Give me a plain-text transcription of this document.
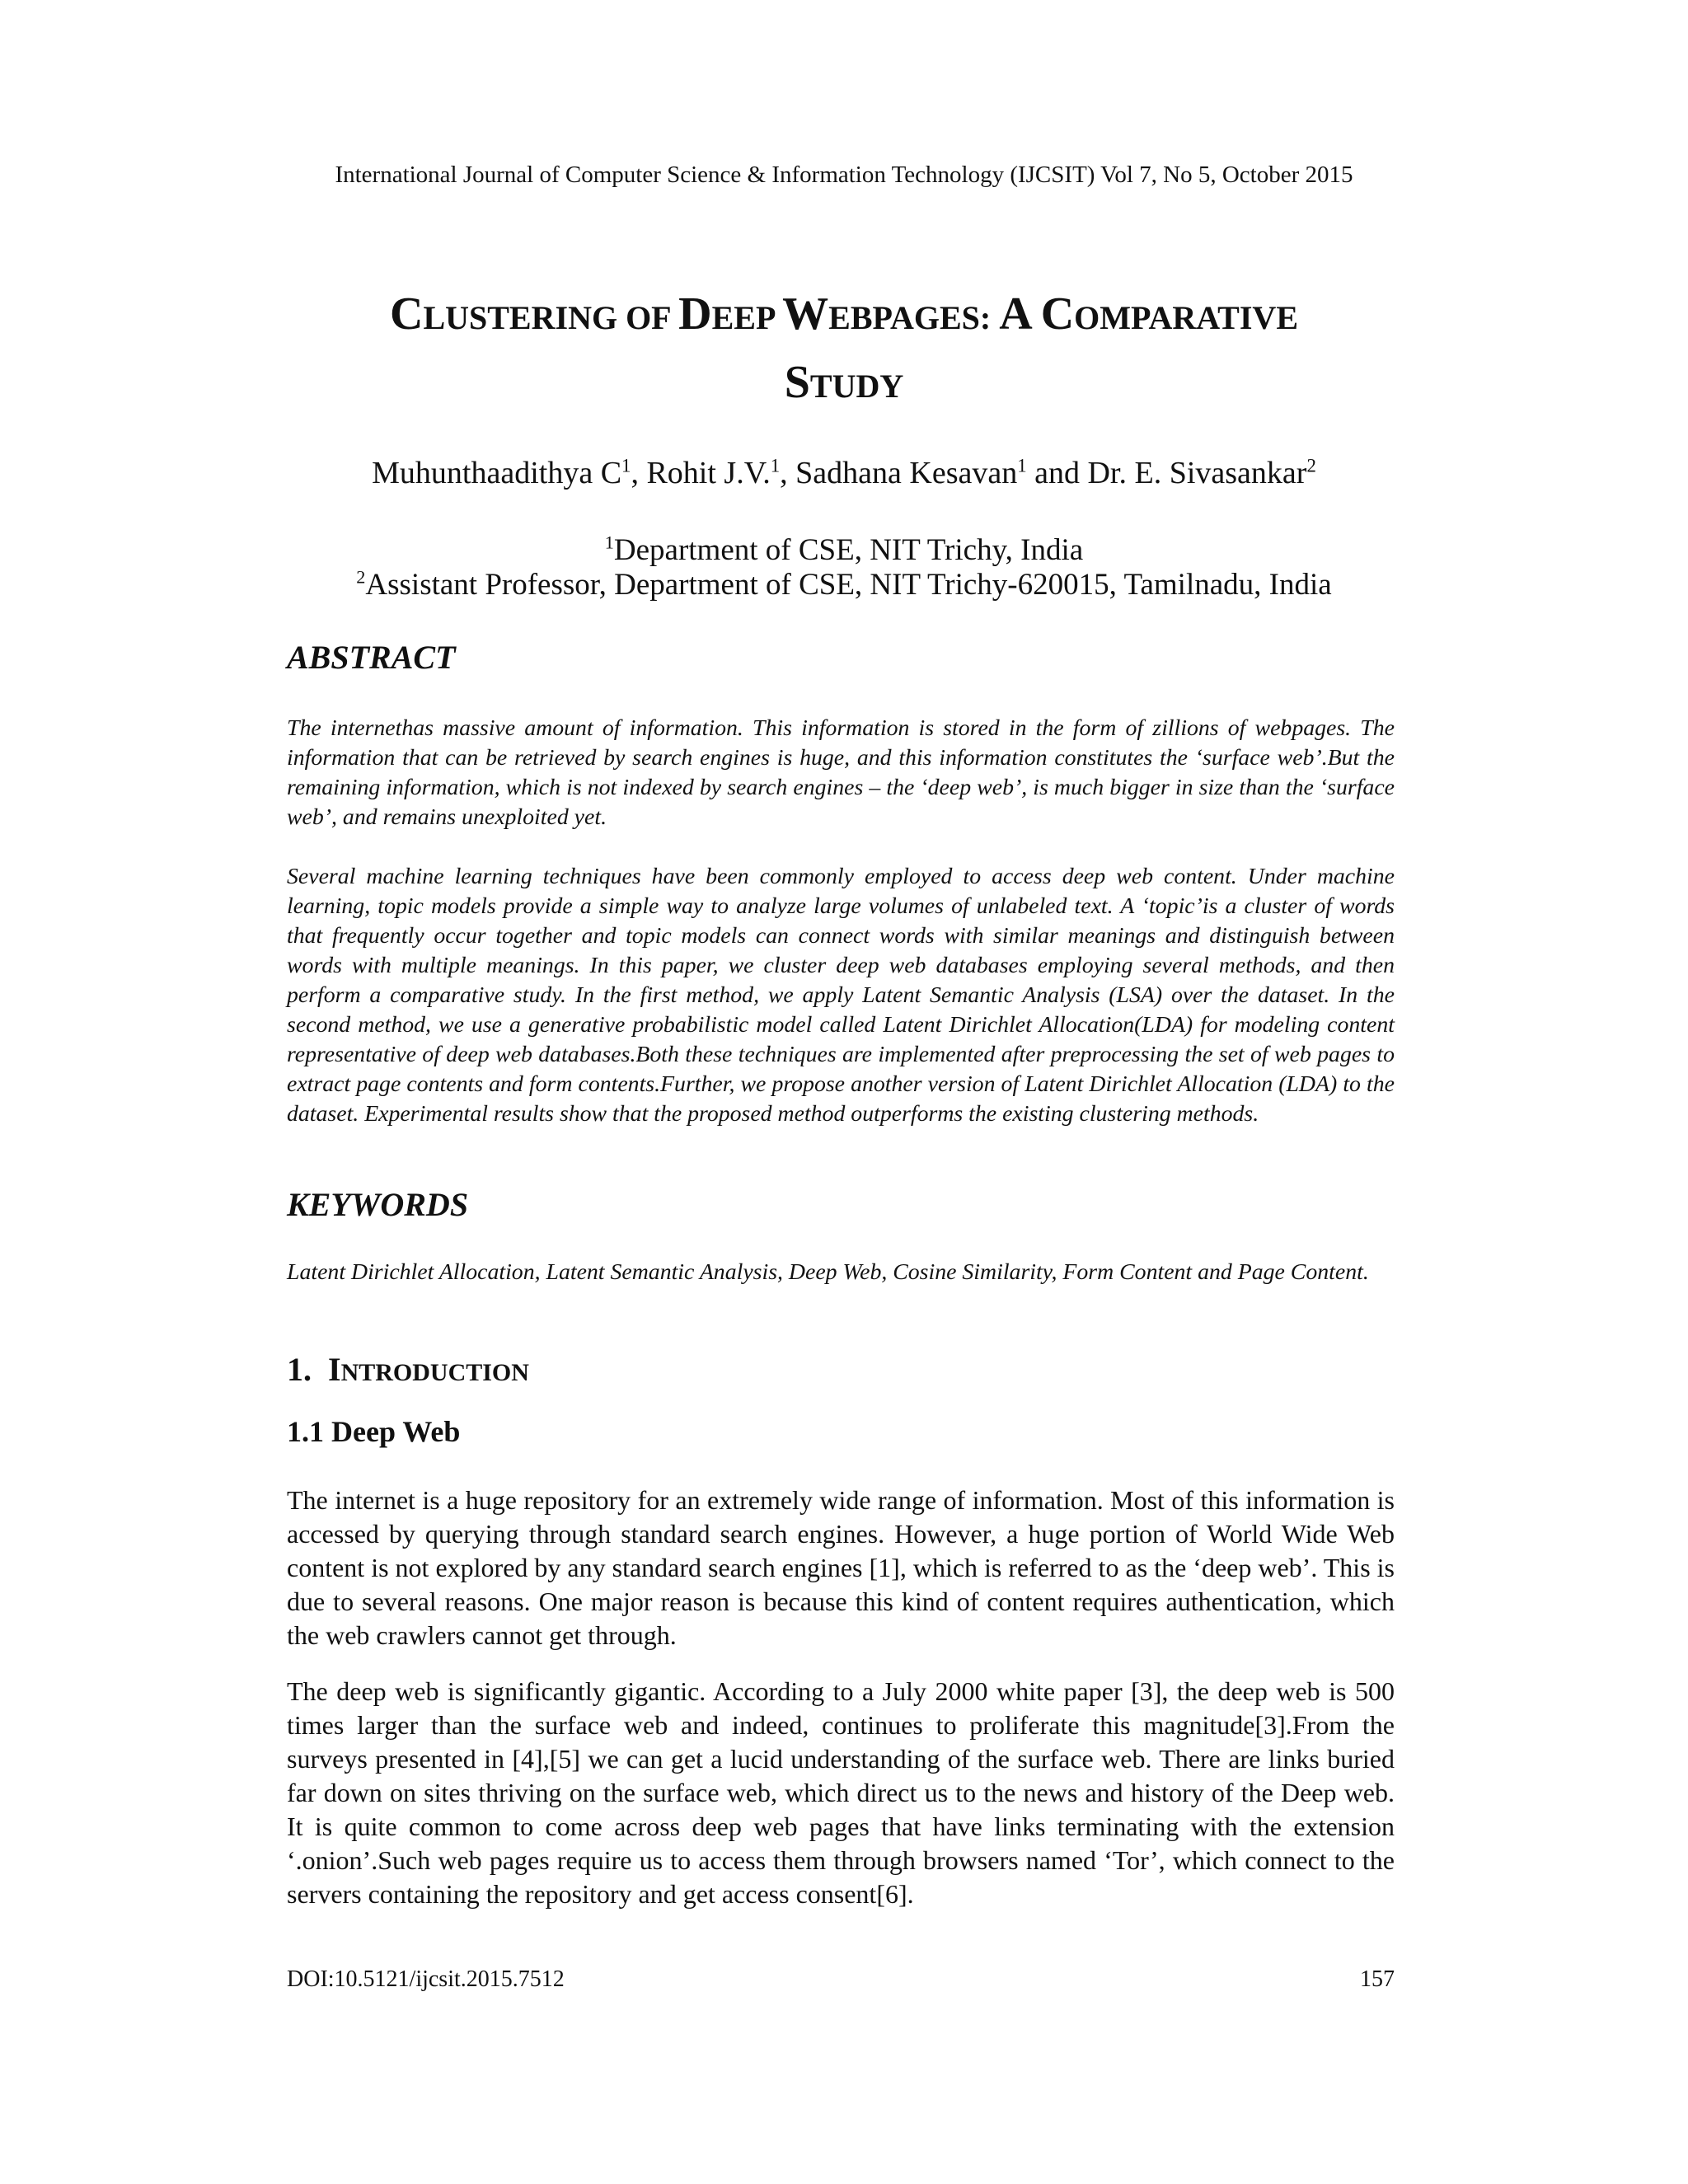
International Journal of Computer Science & Information Technology (IJCSIT) Vol 7, No 5, October 2015
CLUSTERING OF DEEP WEBPAGES: A COMPARATIVE
STUDY
Muhunthaadithya $C^1$, Rohit J.V.$^1$, Sadhana Kesavan$^1$ and Dr. E. Sivasankar$^2$
$^1$Department of CSE, NIT Trichy, India
$^2$Assistant Professor, Department of CSE, NIT Trichy-620015, Tamilnadu, India
ABSTRACT
The internethas massive amount of information. This information is stored in the form of zillions of webpages. The information that can be retrieved by search engines is huge, and this information constitutes the ‘surface web’.But the remaining information, which is not indexed by search engines – the ‘deep web’, is much bigger in size than the ‘surface web’, and remains unexploited yet.
Several machine learning techniques have been commonly employed to access deep web content. Under machine learning, topic models provide a simple way to analyze large volumes of unlabeled text. A ‘topic’is a cluster of words that frequently occur together and topic models can connect words with similar meanings and distinguish between words with multiple meanings. In this paper, we cluster deep web databases employing several methods, and then perform a comparative study. In the first method, we apply Latent Semantic Analysis (LSA) over the dataset. In the second method, we use a generative probabilistic model called Latent Dirichlet Allocation(LDA) for modeling content representative of deep web databases.Both these techniques are implemented after preprocessing the set of web pages to extract page contents and form contents.Further, we propose another version of Latent Dirichlet Allocation (LDA) to the dataset. Experimental results show that the proposed method outperforms the existing clustering methods.
KEYWORDS
Latent Dirichlet Allocation, Latent Semantic Analysis, Deep Web, Cosine Similarity, Form Content and Page Content.
1. INTRODUCTION
1.1 Deep Web
The internet is a huge repository for an extremely wide range of information. Most of this information is accessed by querying through standard search engines. However, a huge portion of World Wide Web content is not explored by any standard search engines [1], which is referred to as the ‘deep web’. This is due to several reasons. One major reason is because this kind of content requires authentication, which the web crawlers cannot get through.
The deep web is significantly gigantic. According to a July 2000 white paper [3], the deep web is 500 times larger than the surface web and indeed, continues to proliferate this magnitude[3].From the surveys presented in [4],[5] we can get a lucid understanding of the surface web. There are links buried far down on sites thriving on the surface web, which direct us to the news and history of the Deep web. It is quite common to come across deep web pages that have links terminating with the extension ‘.onion’.Such web pages require us to access them through browsers named ‘Tor’, which connect to the servers containing the repository and get access consent[6].
DOI:10.5121/ijcsit.2015.7512	157
